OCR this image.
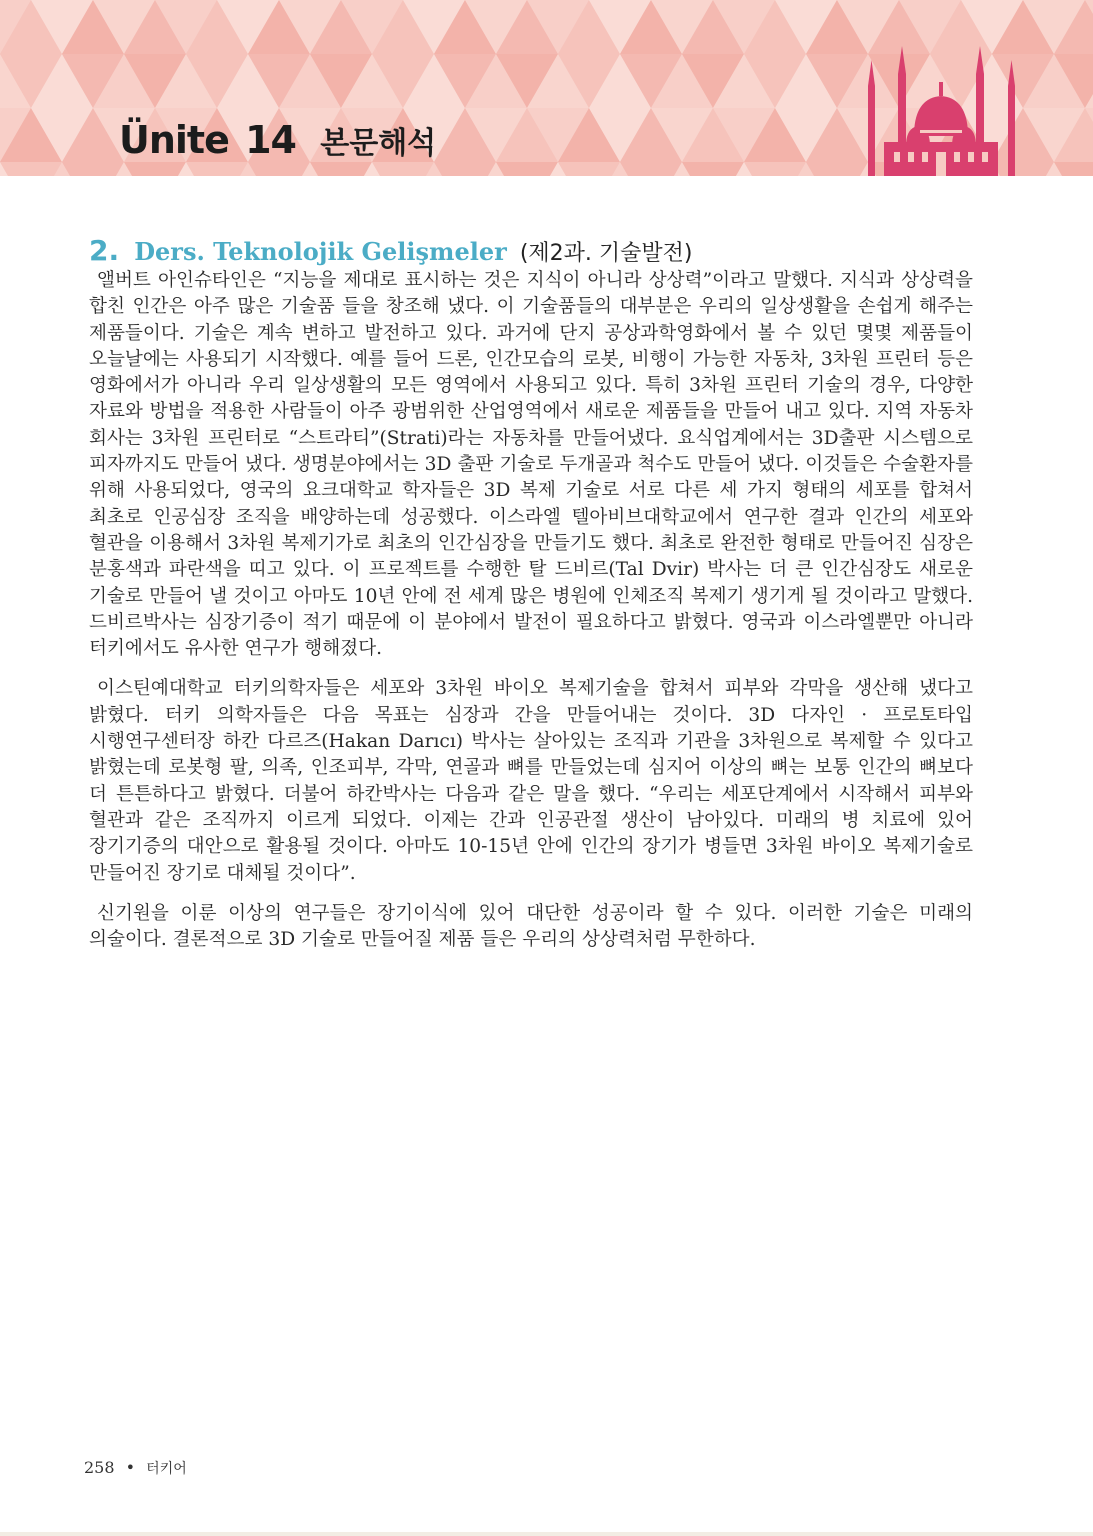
Ünite 14 본문해석
2. Ders. Teknolojik Gelişmeler (제2과. 기술발전)

앨버트 아인슈타인은 “지능을 제대로 표시하는 것은 지식이 아니라 상상력”이라고 말했다. 지식과 상상력을 합친 인간은 아주 많은 기술품 들을 창조해 냈다. 이 기술품들의 대부분은 우리의 일상생활을 손쉽게 해주는 제품들이다. 기술은 계속 변하고 발전하고 있다. 과거에 단지 공상과학영화에서 볼 수 있던 몇몇 제품들이 오늘날에는 사용되기 시작했다. 예를 들어 드론, 인간모습의 로봇, 비행이 가능한 자동차, 3차원 프린터 등은 영화에서가 아니라 우리 일상생활의 모든 영역에서 사용되고 있다. 특히 3차원 프린터 기술의 경우, 다양한 자료와 방법을 적용한 사람들이 아주 광범위한 산업영역에서 새로운 제품들을 만들어 내고 있다. 지역 자동차 회사는 3차원 프린터로 “스트라티”(Strati)라는 자동차를 만들어냈다. 요식업계에서는 3D출판 시스템으로 피자까지도 만들어 냈다. 생명분야에서는 3D 출판 기술로 두개골과 척수도 만들어 냈다. 이것들은 수술환자를 위해 사용되었다, 영국의 요크대학교 학자들은 3D 복제 기술로 서로 다른 세 가지 형태의 세포를 합쳐서 최초로 인공심장 조직을 배양하는데 성공했다. 이스라엘 텔아비브대학교에서 연구한 결과 인간의 세포와 혈관을 이용해서 3차원 복제기가로 최초의 인간심장을 만들기도 했다. 최초로 완전한 형태로 만들어진 심장은 분홍색과 파란색을 띠고 있다. 이 프로젝트를 수행한 탈 드비르(Tal Dvir) 박사는 더 큰 인간심장도 새로운 기술로 만들어 낼 것이고 아마도 10년 안에 전 세계 많은 병원에 인체조직 복제기 생기게 될 것이라고 말했다. 드비르박사는 심장기증이 적기 때문에 이 분야에서 발전이 필요하다고 밝혔다. 영국과 이스라엘뿐만 아니라 터키에서도 유사한 연구가 행해졌다.

이스틴예대학교 터키의학자들은 세포와 3차원 바이오 복제기술을 합쳐서 피부와 각막을 생산해 냈다고 밝혔다. 터키 의학자들은 다음 목표는 심장과 간을 만들어내는 것이다. 3D 다자인 · 프로토타입 시행연구센터장 하칸 다르즈(Hakan Darıcı) 박사는 살아있는 조직과 기관을 3차원으로 복제할 수 있다고 밝혔는데 로봇형 팔, 의족, 인조피부, 각막, 연골과 뼈를 만들었는데 심지어 이상의 뼈는 보통 인간의 뼈보다 더 튼튼하다고 밝혔다. 더불어 하칸박사는 다음과 같은 말을 했다. “우리는 세포단계에서 시작해서 피부와 혈관과 같은 조직까지 이르게 되었다. 이제는 간과 인공관절 생산이 남아있다. 미래의 병 치료에 있어 장기기증의 대안으로 활용될 것이다. 아마도 10-15년 안에 인간의 장기가 병들면 3차원 바이오 복제기술로 만들어진 장기로 대체될 것이다”.

신기원을 이룬 이상의 연구들은 장기이식에 있어 대단한 성공이라 할 수 있다. 이러한 기술은 미래의 의술이다. 결론적으로 3D 기술로 만들어질 제품 들은 우리의 상상력처럼 무한하다.

258 • 터키어
